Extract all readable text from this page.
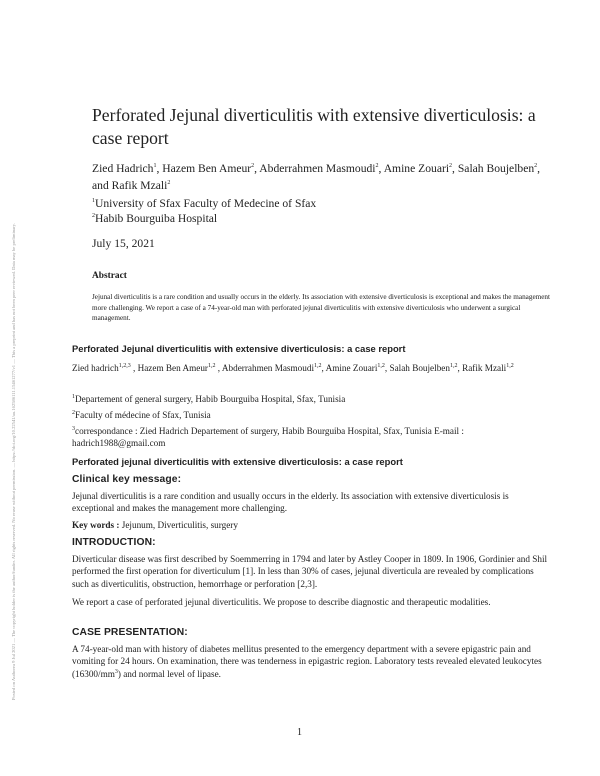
Posted on Authorea 9 Jul 2021 — The copyright holder is the author/funder. All rights reserved. No reuse without permission. — https://doi.org/10.22541/au.162586111.15461277/v1 — This a preprint and has not been peer reviewed. Data may be preliminary.
Perforated Jejunal diverticulitis with extensive diverticulosis: a case report
Zied Hadrich$^1$, Hazem Ben Ameur$^2$, Abderrahmen Masmoudi$^2$, Amine Zouari$^2$, Salah Boujelben$^2$, and Rafik Mzali$^2$
$^1$University of Sfax Faculty of Medecine of Sfax
$^2$Habib Bourguiba Hospital
July 15, 2021
Abstract
Jejunal diverticulitis is a rare condition and usually occurs in the elderly. Its association with extensive diverticulosis is exceptional and makes the management more challenging. We report a case of a 74-year-old man with perforated jejunal diverticulitis with extensive diverticulosis who underwent a surgical management.
Perforated Jejunal diverticulitis with extensive diverticulosis: a case report
Zied hadrich$^{1,2,3}$ , Hazem Ben Ameur$^{1,2}$ , Abderrahmen Masmoudi$^{1,2}$, Amine Zouari$^{1,2}$, Salah Boujelben$^{1,2}$, Rafik Mzali$^{1,2}$
$^1$Departement of general surgery, Habib Bourguiba Hospital, Sfax, Tunisia
$^2$Faculty of médecine of Sfax, Tunisia
$^3$correspondance : Zied Hadrich Departement of surgery, Habib Bourguiba Hospital, Sfax, Tunisia E-mail : hadrich1988@gmail.com
Perforated jejunal diverticulitis with extensive diverticulosis: a case report
Clinical key message:
Jejunal diverticulitis is a rare condition and usually occurs in the elderly. Its association with extensive diverticulosis is exceptional and makes the management more challenging.
Key words : Jejunum, Diverticulitis, surgery
INTRODUCTION:
Diverticular disease was first described by Soemmerring in 1794 and later by Astley Cooper in 1809. In 1906, Gordinier and Shil performed the first operation for diverticulum [1]. In less than 30% of cases, jejunal diverticula are revealed by complications such as diverticulitis, obstruction, hemorrhage or perforation [2,3].
We report a case of perforated jejunal diverticulitis. We propose to describe diagnostic and therapeutic modalities.
CASE PRESENTATION:
A 74-year-old man with history of diabetes mellitus presented to the emergency department with a severe epigastric pain and vomiting for 24 hours. On examination, there was tenderness in epigastric region. Laboratory tests revealed elevated leukocytes $(16300/mm^3)$ and normal level of lipase.
1
